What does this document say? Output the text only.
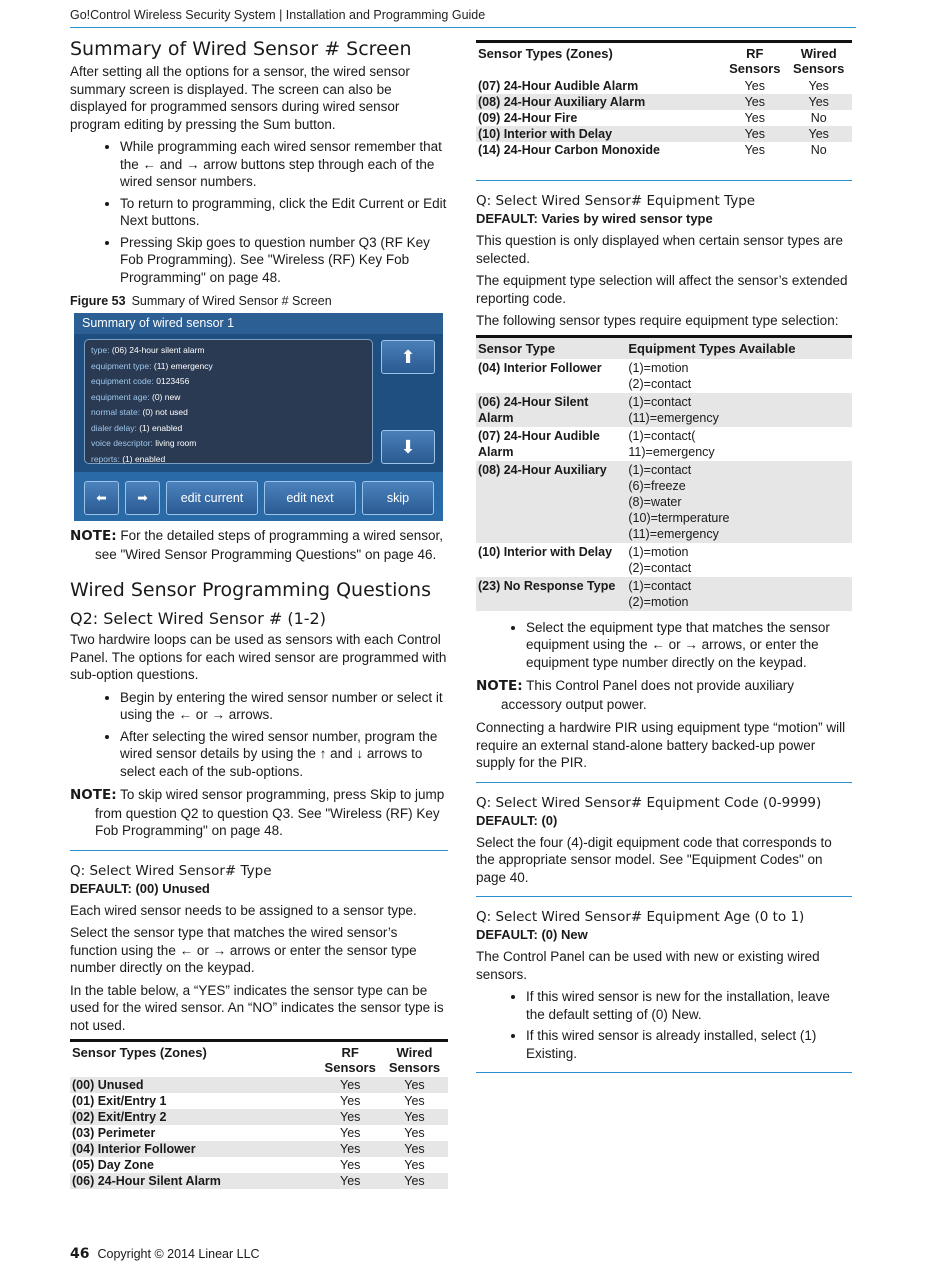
Go!Control Wireless Security System | Installation and Programming Guide
Summary of Wired Sensor # Screen

After setting all the options for a sensor, the wired sensor summary screen is displayed. The screen can also be displayed for programmed sensors during wired sensor program editing by pressing the Sum button.

• While programming each wired sensor remember that the ← and → arrow buttons step through each of the wired sensor numbers.
• To return to programming, click the Edit Current or Edit Next buttons.
• Pressing Skip goes to question number Q3 (RF Key Fob Programming). See "Wireless (RF) Key Fob Programming" on page 48.
Figure 53 Summary of Wired Sensor # Screen
Summary of wired sensor 1
type: (06) 24-hour silent alarm
equipment type: (11) emergency
equipment code: 0123456
equipment age: (0) new
normal state: (0) not used
dialer delay: (1) enabled
voice descriptor: living room
reports: (1) enabled
⬆
⬇
⬅	➡	edit current	edit next	skip
NOTE: For the detailed steps of programming a wired sensor, see "Wired Sensor Programming Questions" on page 46.
Wired Sensor Programming Questions
Q2: Select Wired Sensor # (1-2)

Two hardwire loops can be used as sensors with each Control Panel. The options for each wired sensor are programmed with sub-option questions.

• Begin by entering the wired sensor number or select it using the ← or → arrows.
• After selecting the wired sensor number, program the wired sensor details by using the ↑ and ↓ arrows to select each of the sub-options.
NOTE: To skip wired sensor programming, press Skip to jump from question Q2 to question Q3. See "Wireless (RF) Key Fob Programming" on page 48.
Q: Select Wired Sensor# Type
DEFAULT: (00) Unused

Each wired sensor needs to be assigned to a sensor type.

Select the sensor type that matches the wired sensor’s function using the ← or → arrows or enter the sensor type number directly on the keypad.

In the table below, a “YES” indicates the sensor type can be used for the wired sensor. An “NO” indicates the sensor type is not used.

Sensor Types (Zones)	RF Sensors	Wired Sensors
(00) Unused	Yes	Yes
(01) Exit/Entry 1	Yes	Yes
(02) Exit/Entry 2	Yes	Yes
(03) Perimeter	Yes	Yes
(04) Interior Follower	Yes	Yes
(05) Day Zone	Yes	Yes
(06) 24-Hour Silent Alarm	Yes	Yes
Sensor Types (Zones)	RF Sensors	Wired Sensors
(07) 24-Hour Audible Alarm	Yes	Yes
(08) 24-Hour Auxiliary Alarm	Yes	Yes
(09) 24-Hour Fire	Yes	No
(10) Interior with Delay	Yes	Yes
(14) 24-Hour Carbon Monoxide	Yes	No
Q: Select Wired Sensor# Equipment Type
DEFAULT: Varies by wired sensor type

This question is only displayed when certain sensor types are selected.

The equipment type selection will affect the sensor’s extended reporting code.

The following sensor types require equipment type selection:

Sensor Type	Equipment Types Available
(04) Interior Follower	(1)=motion
(2)=contact

(06) 24-Hour Silent Alarm	(1)=contact
(11)=emergency

(07) 24-Hour Audible Alarm	(1)=contact(
11)=emergency

(08) 24-Hour Auxiliary	(1)=contact
(6)=freeze
(8)=water
(10)=termperature
(11)=emergency

(10) Interior with Delay	(1)=motion
(2)=contact

(23) No Response Type	(1)=contact
(2)=motion
• Select the equipment type that matches the sensor equipment using the ← or → arrows, or enter the equipment type number directly on the keypad.
NOTE: This Control Panel does not provide auxiliary accessory output power.

Connecting a hardwire PIR using equipment type “motion” will require an external stand-alone battery backed-up power supply for the PIR.

Q: Select Wired Sensor# Equipment Code (0-9999)
DEFAULT: (0)

Select the four (4)-digit equipment code that corresponds to the appropriate sensor model. See "Equipment Codes" on page 40.

Q: Select Wired Sensor# Equipment Age (0 to 1)
DEFAULT: (0) New

The Control Panel can be used with new or existing wired sensors.

• If this wired sensor is new for the installation, leave the default setting of (0) New.
• If this wired sensor is already installed, select (1) Existing.
46 Copyright © 2014 Linear LLC
